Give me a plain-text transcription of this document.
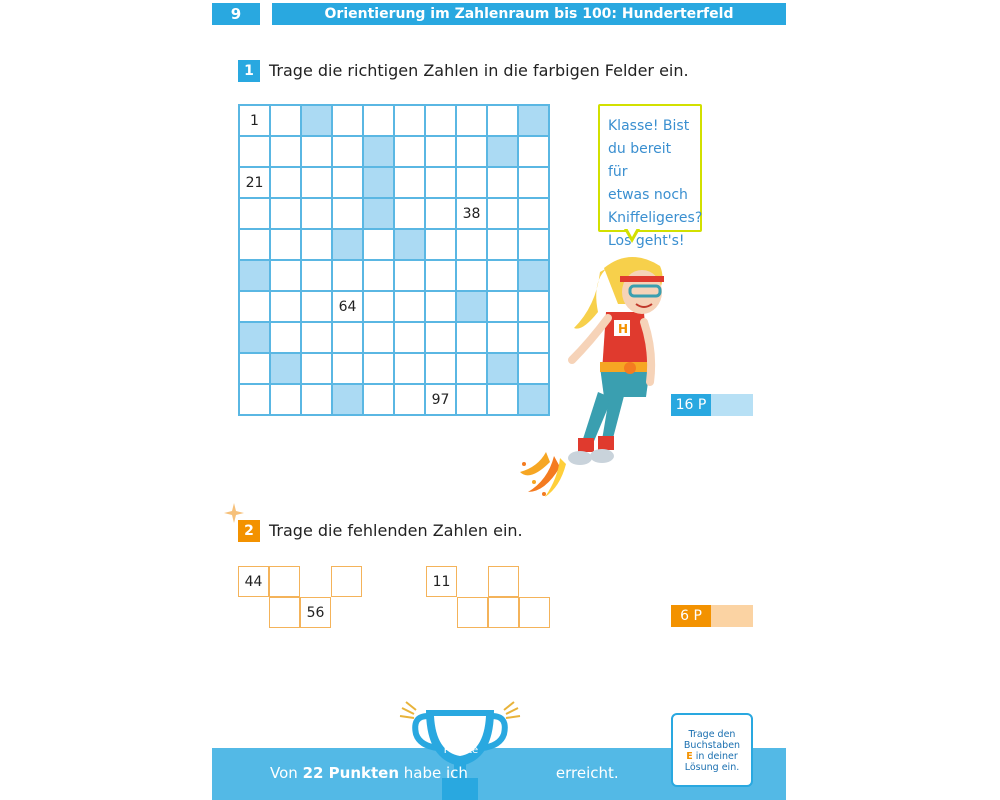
9	Orientierung im Zahlenraum bis 100: Hunderterfeld
1 Trage die richtigen Zahlen in die farbigen Felder ein.
1
21
38
64
97
Klasse! Bist
du bereit für
etwas noch
Kniffeligeres?
Los geht's!
H
16 P
2 Trage die fehlenden Zahlen ein.
44
56
11
6 P
Punkte
Von 22 Punkten habe ich	erreicht.
Trage den
Buchstaben
E in deiner
Lösung ein.
